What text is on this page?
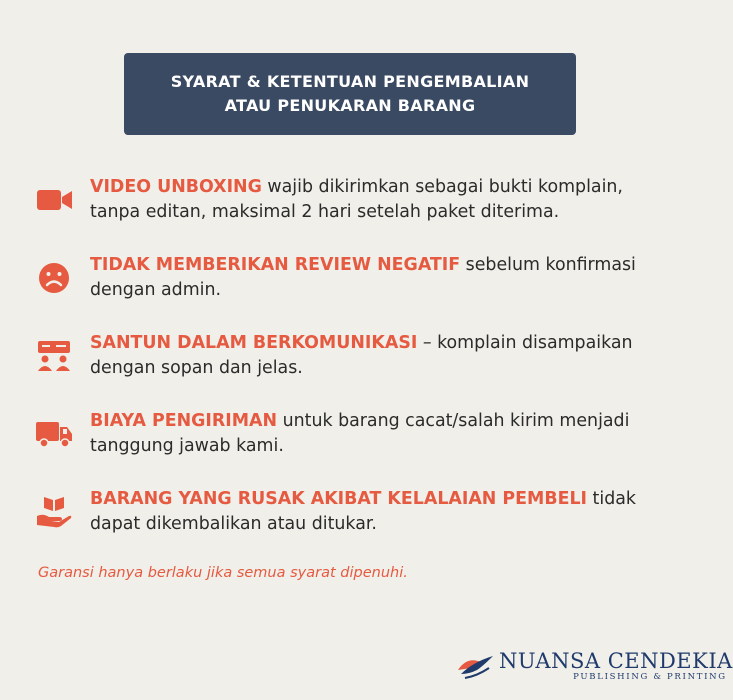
SYARAT & KETENTUAN PENGEMBALIAN
ATAU PENUKARAN BARANG
VIDEO UNBOXING wajib dikirimkan sebagai bukti komplain, tanpa editan, maksimal 2 hari setelah paket diterima.
TIDAK MEMBERIKAN REVIEW NEGATIF sebelum konfirmasi dengan admin.
SANTUN DALAM BERKOMUNIKASI – komplain disampaikan dengan sopan dan jelas.
BIAYA PENGIRIMAN untuk barang cacat/salah kirim menjadi tanggung jawab kami.
BARANG YANG RUSAK AKIBAT KELALAIAN PEMBELI tidak dapat dikembalikan atau ditukar.
Garansi hanya berlaku jika semua syarat dipenuhi.
NUANSA CENDEKIA
PUBLISHING & PRINTING
